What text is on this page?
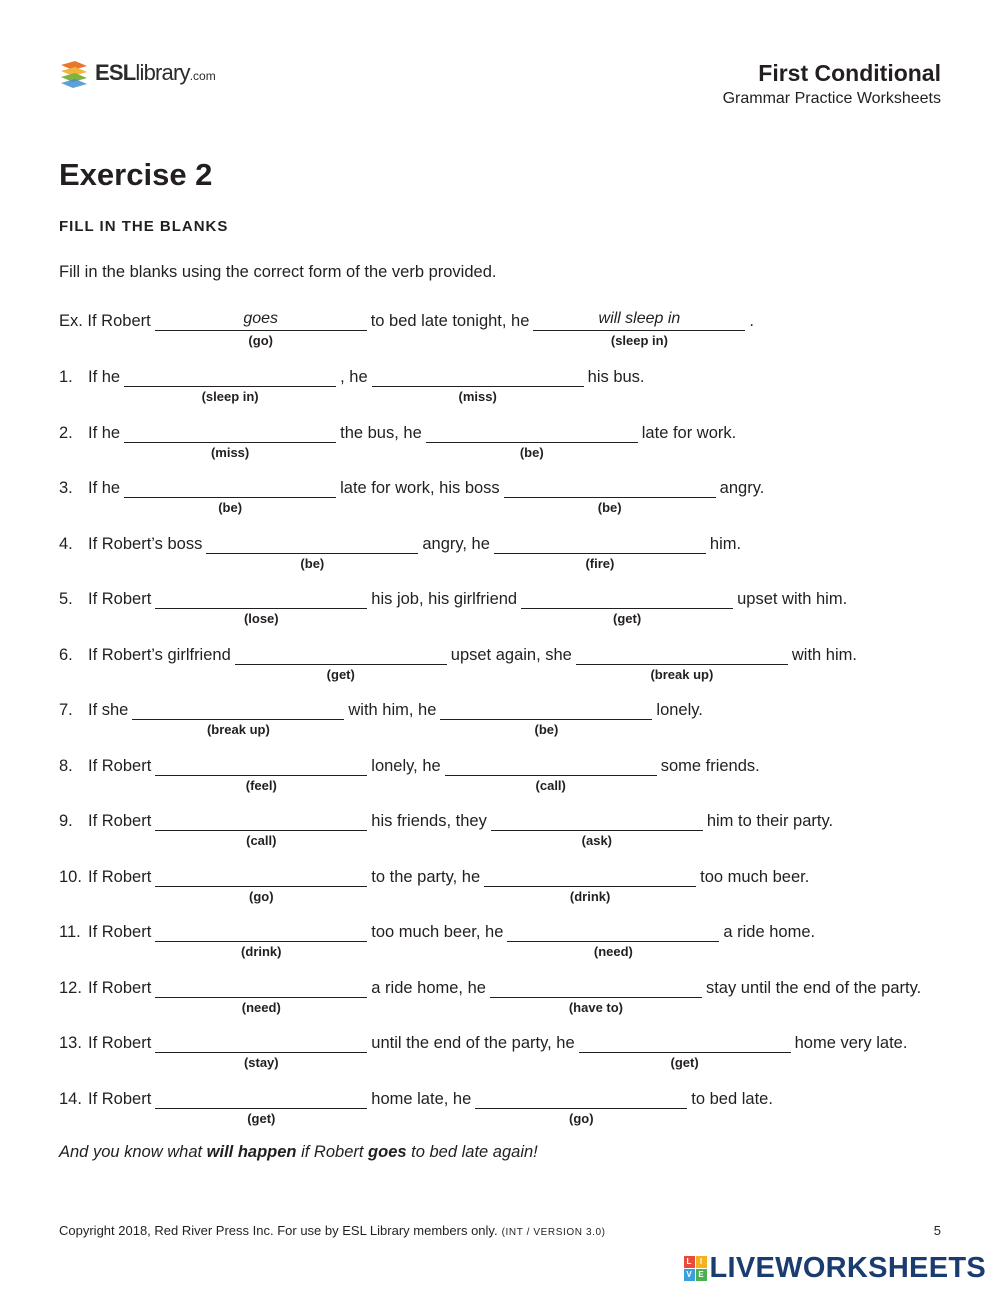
ESLlibrary.com	First Conditional
Grammar Practice Worksheets
Exercise 2
FILL IN THE BLANKS
Fill in the blanks using the correct form of the verb provided.
Ex. If Robert	goes
(go)
to bed late tonight, he	will sleep in
(sleep in)
.
1. If he
(sleep in)
, he
(miss)
his bus.
2. If he
(miss)
the bus, he
(be)
late for work.
3. If he
(be)
late for work, his boss
(be)
angry.
4. If Robert’s boss
(be)
angry, he
(fire)
him.
5. If Robert
(lose)
his job, his girlfriend
(get)
upset with him.
6. If Robert’s girlfriend
(get)
upset again, she
(break up)
with him.
7. If she
(break up)
with him, he
(be)
lonely.
8. If Robert
(feel)
lonely, he
(call)
some friends.
9. If Robert
(call)
his friends, they
(ask)
him to their party.
10. If Robert
(go)
to the party, he
(drink)
too much beer.
11. If Robert
(drink)
too much beer, he
(need)
a ride home.
12. If Robert
(need)
a ride home, he
(have to)
stay until the end of the party.
13. If Robert
(stay)
until the end of the party, he
(get)
home very late.
14. If Robert
(get)
home late, he
(go)
to bed late.
And you know what will happen if Robert goes to bed late again!
Copyright 2018, Red River Press Inc. For use by ESL Library members only. (INT / VERSION 3.0)	5
L	I
V E LIVEWORKSHEETS
